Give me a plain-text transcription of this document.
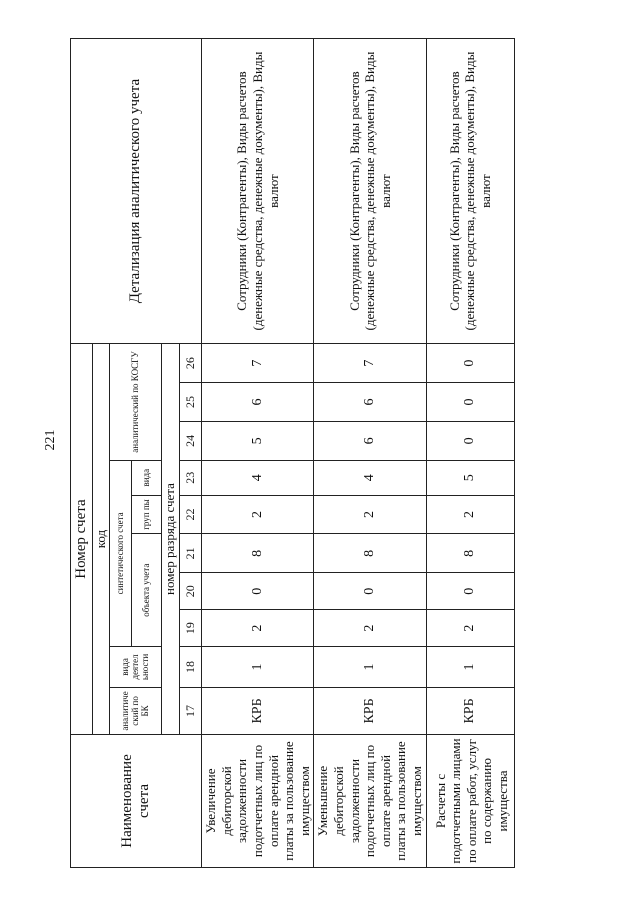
221
Наименование счета	Номер счета										Детализация аналитического учета
	код										
	аналитиче ский по БК	вида деятел ьности	синтетического счета					аналитический по КОСГУ			
			объекта учета			груп пы	вида				
	номер разряда счета										
	17	18	19	20	21	22	23	24	25	26	
Увеличение дебиторской задолженности подотчетных лиц по оплате арендной платы за пользование имуществом	КРБ	1	2	0	8	2	4	5	6	7	Сотрудники (Контрагенты), Виды расчетов (денежные средства, денежные документы), Виды валют
Уменьшение дебиторской задолженности подотчетных лиц по оплате арендной платы за пользование имуществом	КРБ	1	2	0	8	2	4	6	6	7	Сотрудники (Контрагенты), Виды расчетов (денежные средства, денежные документы), Виды валют
Расчеты с подотчетными лицами по оплате работ, услуг по содержанию имущества	КРБ	1	2	0	8	2	5	0	0	0	Сотрудники (Контрагенты), Виды расчетов (денежные средства, денежные документы), Виды валют
